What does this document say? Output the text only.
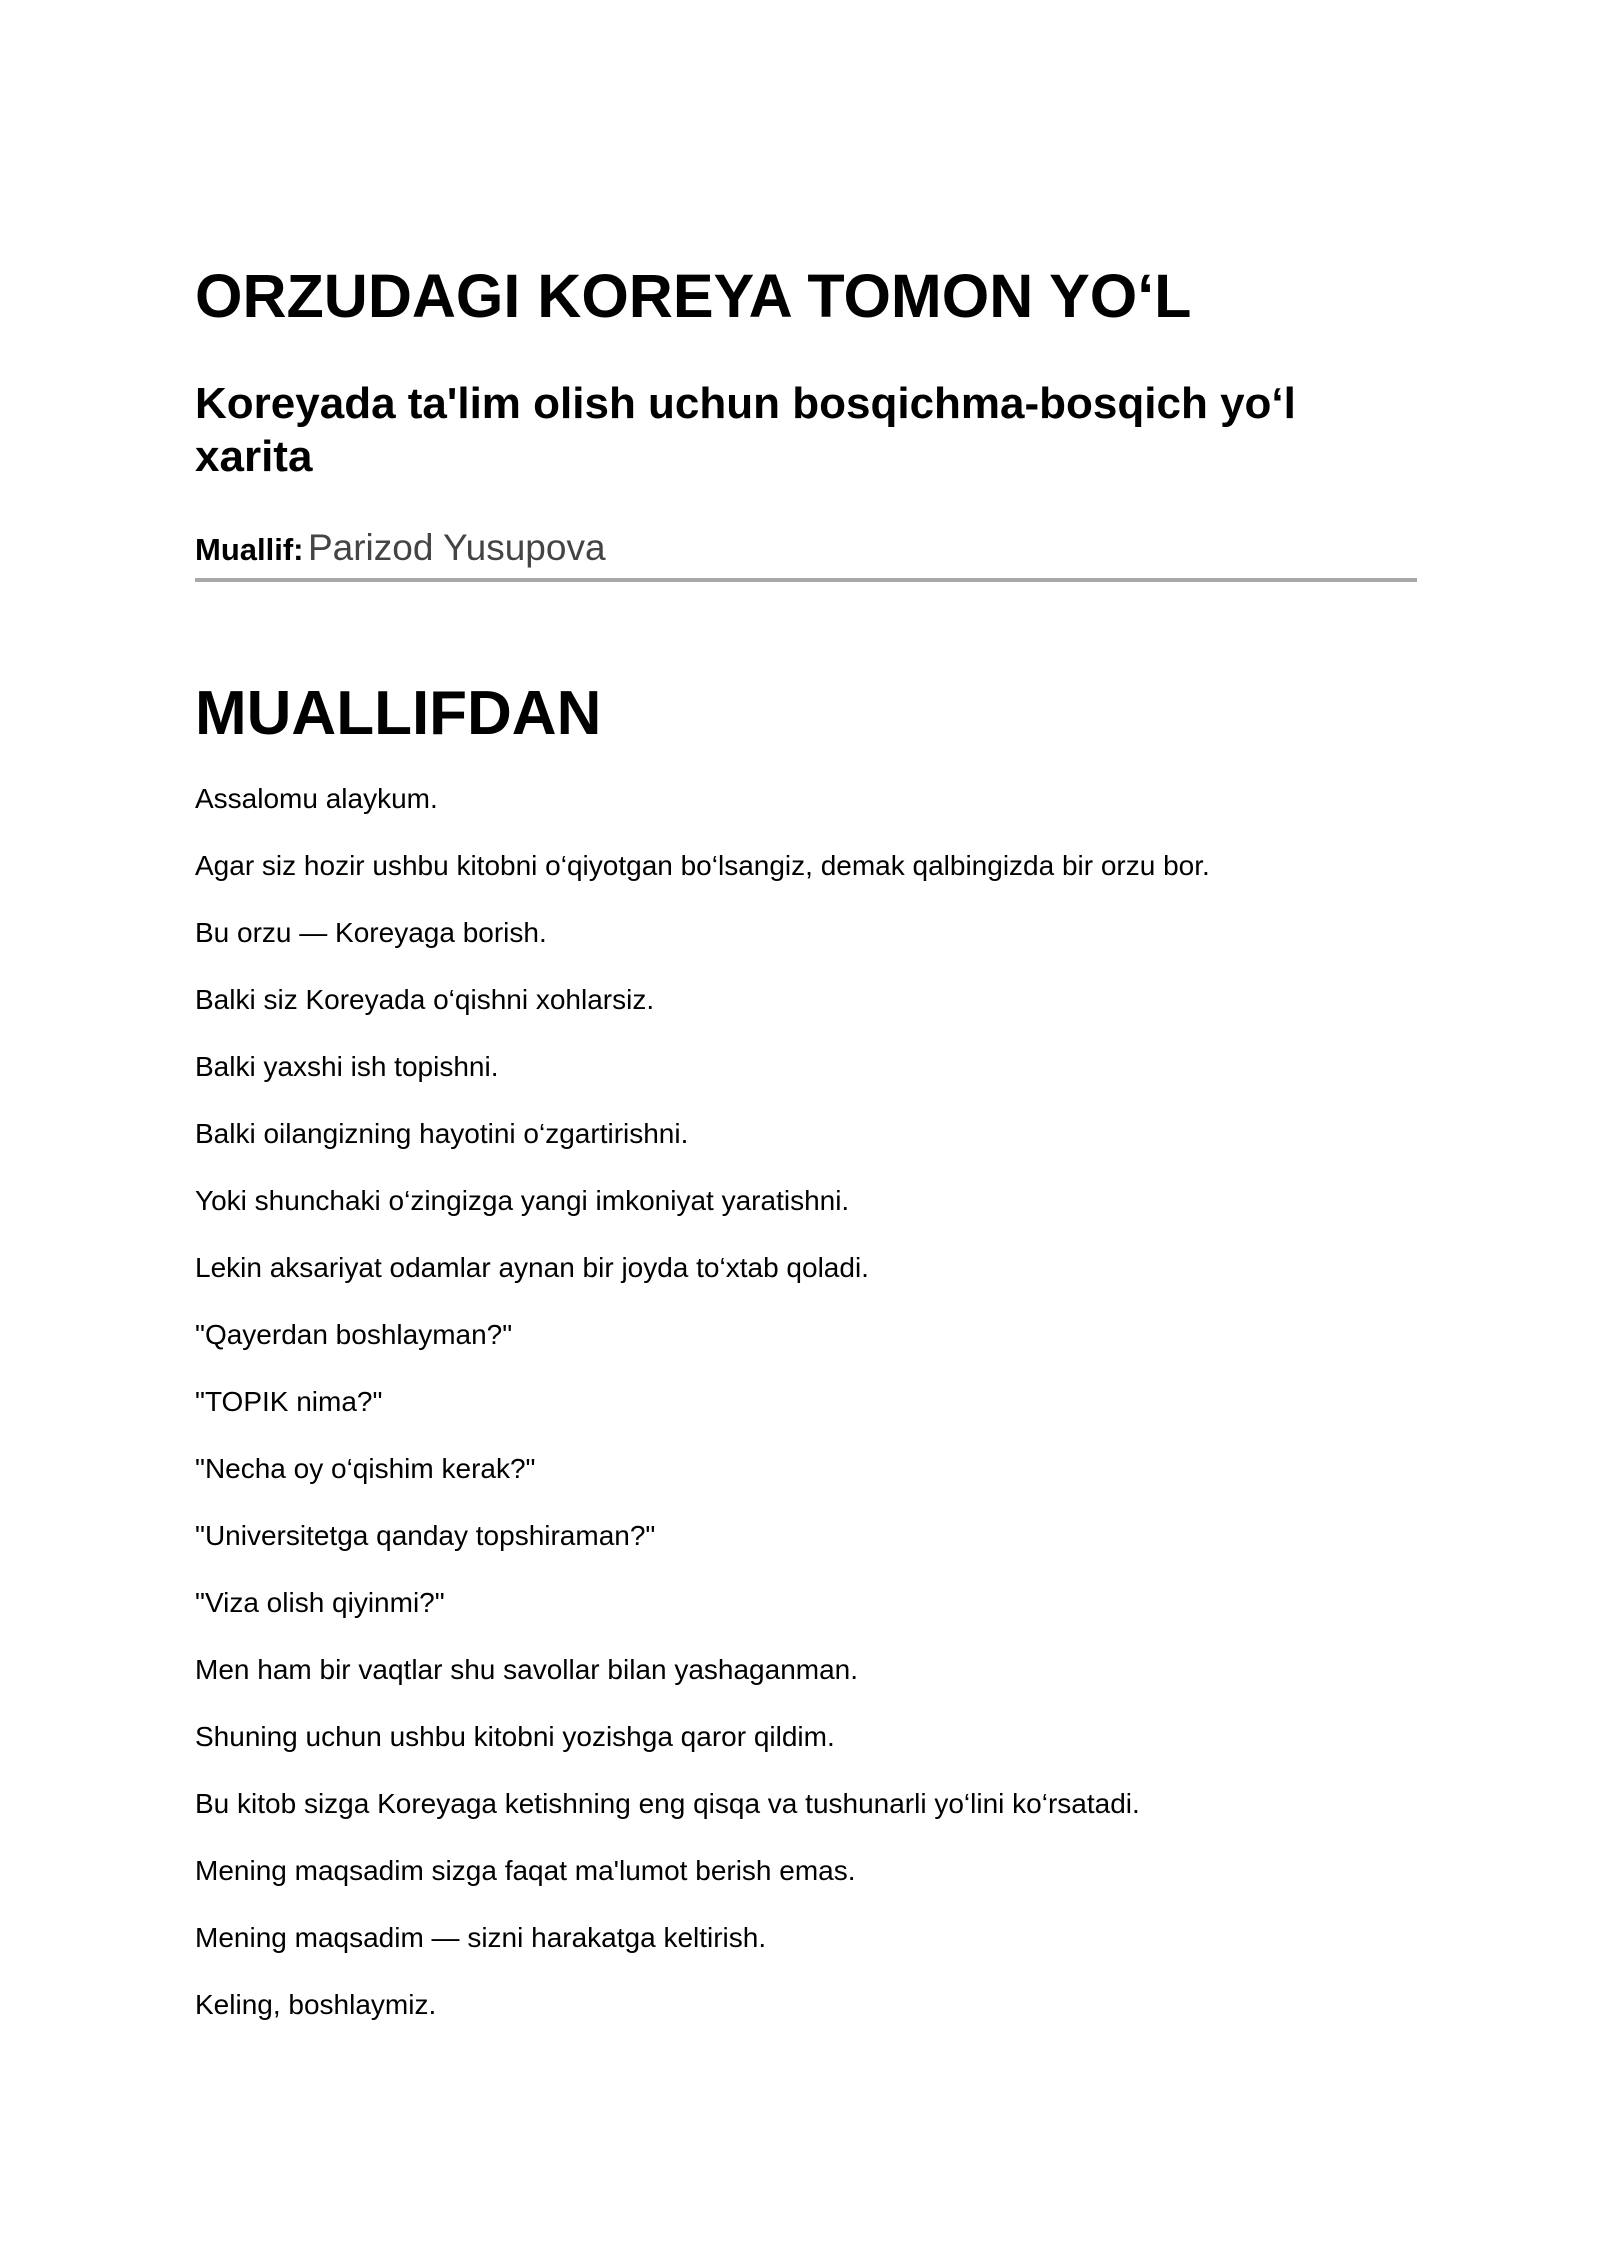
ORZUDAGI KOREYA TOMON YO‘L
Koreyada ta'lim olish uchun bosqichma-bosqich yo‘l xarita

Muallif: Parizod Yusupova

MUALLIFDAN
Assalomu alaykum.
Agar siz hozir ushbu kitobni o‘qiyotgan bo‘lsangiz, demak qalbingizda bir orzu bor.
Bu orzu — Koreyaga borish.
Balki siz Koreyada o‘qishni xohlarsiz.
Balki yaxshi ish topishni.
Balki oilangizning hayotini o‘zgartirishni.
Yoki shunchaki o‘zingizga yangi imkoniyat yaratishni.
Lekin aksariyat odamlar aynan bir joyda to‘xtab qoladi.
"Qayerdan boshlayman?"
"TOPIK nima?"
"Necha oy o‘qishim kerak?"
"Universitetga qanday topshiraman?"
"Viza olish qiyinmi?"
Men ham bir vaqtlar shu savollar bilan yashaganman.
Shuning uchun ushbu kitobni yozishga qaror qildim.
Bu kitob sizga Koreyaga ketishning eng qisqa va tushunarli yo‘lini ko‘rsatadi.
Mening maqsadim sizga faqat ma'lumot berish emas.
Mening maqsadim — sizni harakatga keltirish.
Keling, boshlaymiz.
